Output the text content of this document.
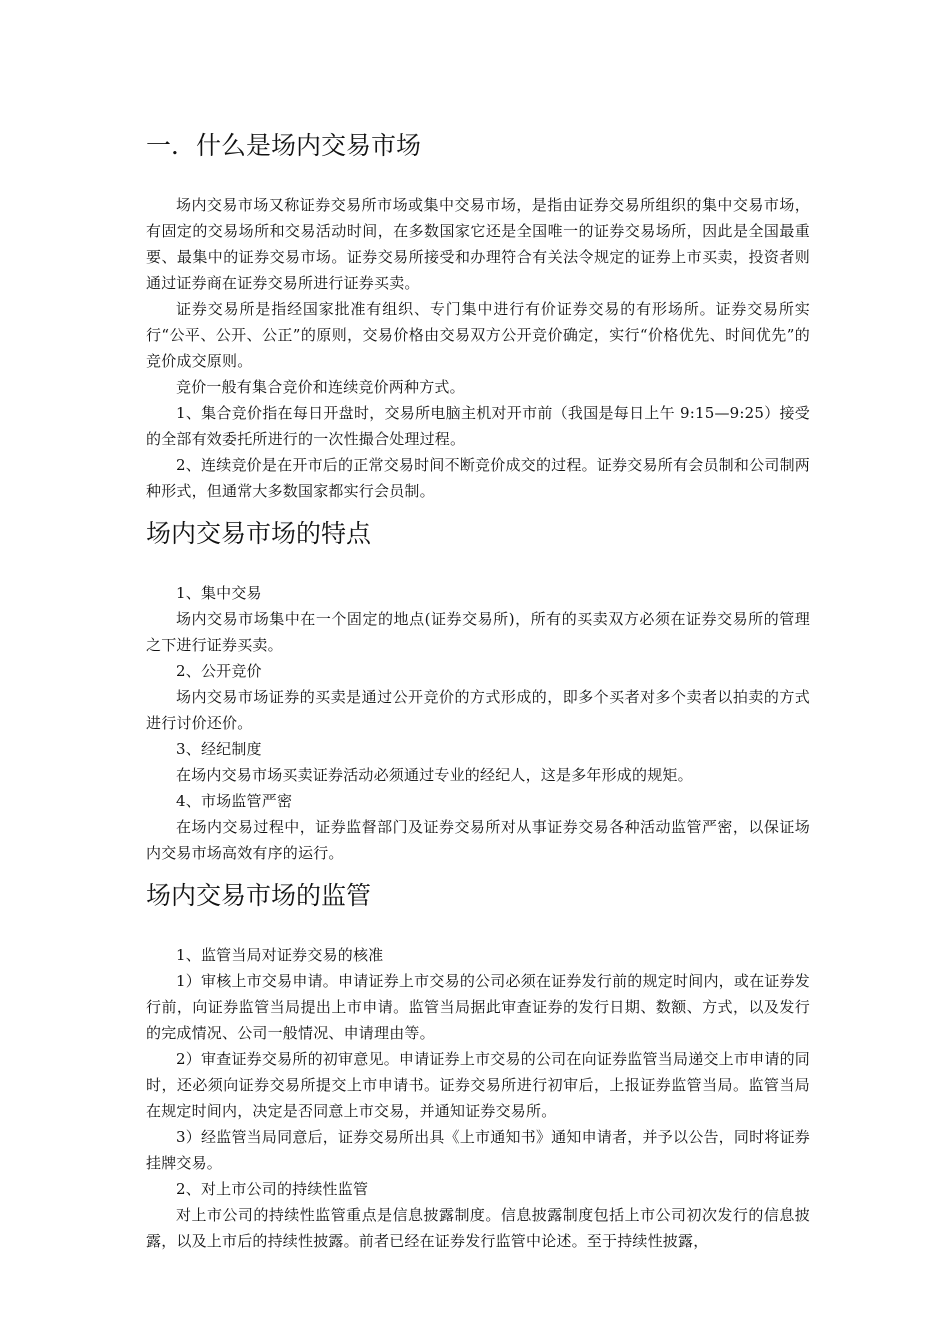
一．什么是场内交易市场

场内交易市场又称证券交易所市场或集中交易市场，是指由证券交易所组织的集中交易市场，有固定的交易场所和交易活动时间，在多数国家它还是全国唯一的证券交易场所，因此是全国最重要、最集中的证券交易市场。证券交易所接受和办理符合有关法令规定的证券上市买卖，投资者则通过证券商在证券交易所进行证券买卖。

证券交易所是指经国家批准有组织、专门集中进行有价证券交易的有形场所。证券交易所实行“公平、公开、公正”的原则，交易价格由交易双方公开竞价确定，实行“价格优先、时间优先”的竞价成交原则。

竞价一般有集合竞价和连续竞价两种方式。

1、集合竞价指在每日开盘时，交易所电脑主机对开市前（我国是每日上午 9:15—9:25）接受的全部有效委托所进行的一次性撮合处理过程。

2、连续竞价是在开市后的正常交易时间不断竞价成交的过程。证券交易所有会员制和公司制两种形式，但通常大多数国家都实行会员制。

场内交易市场的特点

1、集中交易

场内交易市场集中在一个固定的地点(证券交易所)，所有的买卖双方必须在证券交易所的管理之下进行证券买卖。

2、公开竞价

场内交易市场证券的买卖是通过公开竞价的方式形成的，即多个买者对多个卖者以拍卖的方式进行讨价还价。

3、经纪制度

在场内交易市场买卖证券活动必须通过专业的经纪人，这是多年形成的规矩。

4、市场监管严密

在场内交易过程中，证券监督部门及证券交易所对从事证券交易各种活动监管严密，以保证场内交易市场高效有序的运行。

场内交易市场的监管

1、监管当局对证券交易的核准

1）审核上市交易申请。申请证券上市交易的公司必须在证券发行前的规定时间内，或在证券发行前，向证券监管当局提出上市申请。监管当局据此审查证券的发行日期、数额、方式，以及发行的完成情况、公司一般情况、申请理由等。

2）审查证券交易所的初审意见。申请证券上市交易的公司在向证券监管当局递交上市申请的同时，还必须向证券交易所提交上市申请书。证券交易所进行初审后，上报证券监管当局。监管当局在规定时间内，决定是否同意上市交易，并通知证券交易所。

3）经监管当局同意后，证券交易所出具《上市通知书》通知申请者，并予以公告，同时将证券挂牌交易。

2、对上市公司的持续性监管

对上市公司的持续性监管重点是信息披露制度。信息披露制度包括上市公司初次发行的信息披露，以及上市后的持续性披露。前者已经在证券发行监管中论述。至于持续性披露，
